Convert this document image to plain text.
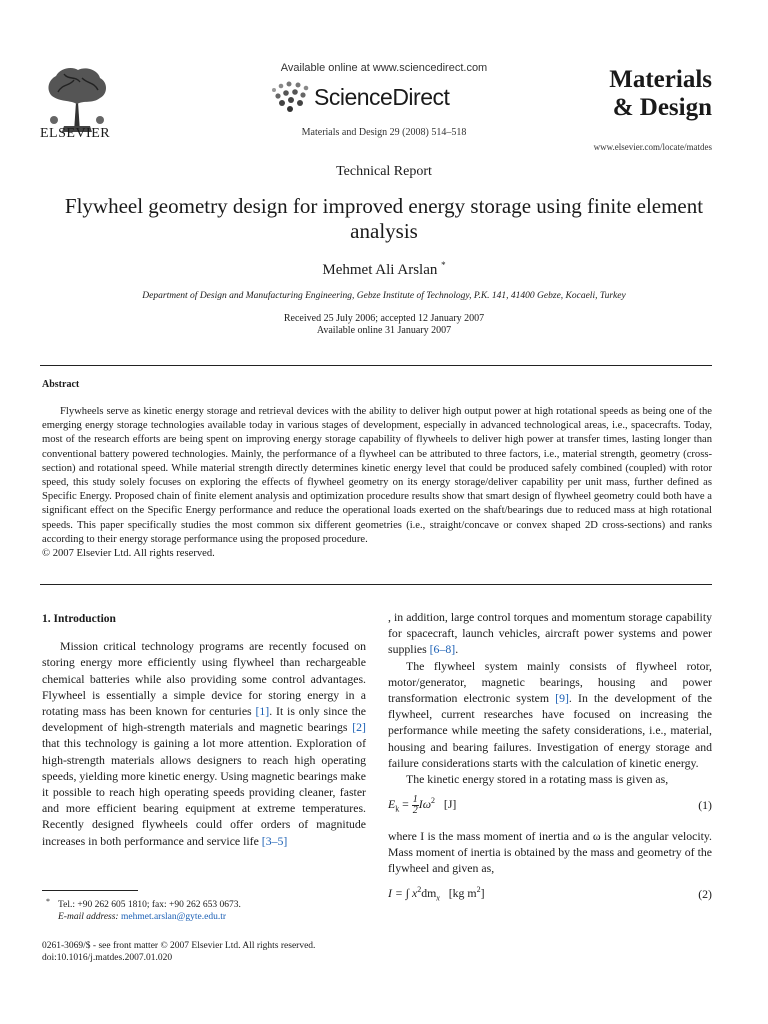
Available online at www.sciencedirect.com
ScienceDirect
Materials and Design 29 (2008) 514–518
Materials
& Design
www.elsevier.com/locate/matdes
ELSEVIER
Technical Report
Flywheel geometry design for improved energy storage using finite element analysis
Mehmet Ali Arslan *
Department of Design and Manufacturing Engineering, Gebze Institute of Technology, P.K. 141, 41400 Gebze, Kocaeli, Turkey
Received 25 July 2006; accepted 12 January 2007
Available online 31 January 2007
Abstract

Flywheels serve as kinetic energy storage and retrieval devices with the ability to deliver high output power at high rotational speeds as being one of the emerging energy storage technologies available today in various stages of development, especially in advanced technological areas, i.e., spacecrafts. Today, most of the research efforts are being spent on improving energy storage capability of flywheels to deliver high power at transfer times, lasting longer than conventional battery powered technologies. Mainly, the performance of a flywheel can be attributed to three factors, i.e., material strength, geometry (cross-section) and rotational speed. While material strength directly determines kinetic energy level that could be produced safely combined (coupled) with rotor speed, this study solely focuses on exploring the effects of flywheel geometry on its energy storage/deliver capability per unit mass, further defined as Specific Energy. Proposed chain of finite element analysis and optimization procedure results show that smart design of flywheel geometry could both have a significant effect on the Specific Energy performance and reduce the operational loads exerted on the shaft/bearings due to reduced mass at high rotational speeds. This paper specifically studies the most common six different geometries (i.e., straight/concave or convex shaped 2D cross-sections) and ranks according to their energy storage performance using the proposed procedure.

© 2007 Elsevier Ltd. All rights reserved.
1. Introduction

Mission critical technology programs are recently focused on storing energy more efficiently using flywheel than rechargeable chemical batteries while also providing some control advantages. Flywheel is essentially a simple device for storing energy in a rotating mass has been known for centuries [1]. It is only since the development of high-strength materials and magnetic bearings [2] that this technology is gaining a lot more attention. Exploration of high-strength materials allows designers to reach high operating speeds, yielding more kinetic energy. Using magnetic bearings make it possible to reach high operating speeds providing cleaner, faster and more efficient bearing equipment at extreme temperatures. Recently designed flywheels could offer orders of magnitude increases in both performance and service life [3–5]

, in addition, large control torques and momentum storage capability for spacecraft, launch vehicles, aircraft power systems and power supplies [6–8].

The flywheel system mainly consists of flywheel rotor, motor/generator, magnetic bearings, housing and power transformation electronic system [9]. In the development of the flywheel, current researches have focused on increasing the performance while meeting the safety considerations, i.e., material, housing and bearing failures. Investigation of energy storage and failure considerations starts with the calculation of kinetic energy.

The kinetic energy stored in a rotating mass is given as,

$E_k = \frac{1}{2}I\omega^2$ [J]	(1)

where I is the mass moment of inertia and ω is the angular velocity. Mass moment of inertia is obtained by the mass and geometry of the flywheel and given as,

I = ∫ $x^2dm_x$ [kg $m^2$]	(2)
* Tel.: +90 262 605 1810; fax: +90 262 653 0673.
E-mail address: mehmet.arslan@gyte.edu.tr
0261-3069/$ - see front matter © 2007 Elsevier Ltd. All rights reserved.
doi:10.1016/j.matdes.2007.01.020
